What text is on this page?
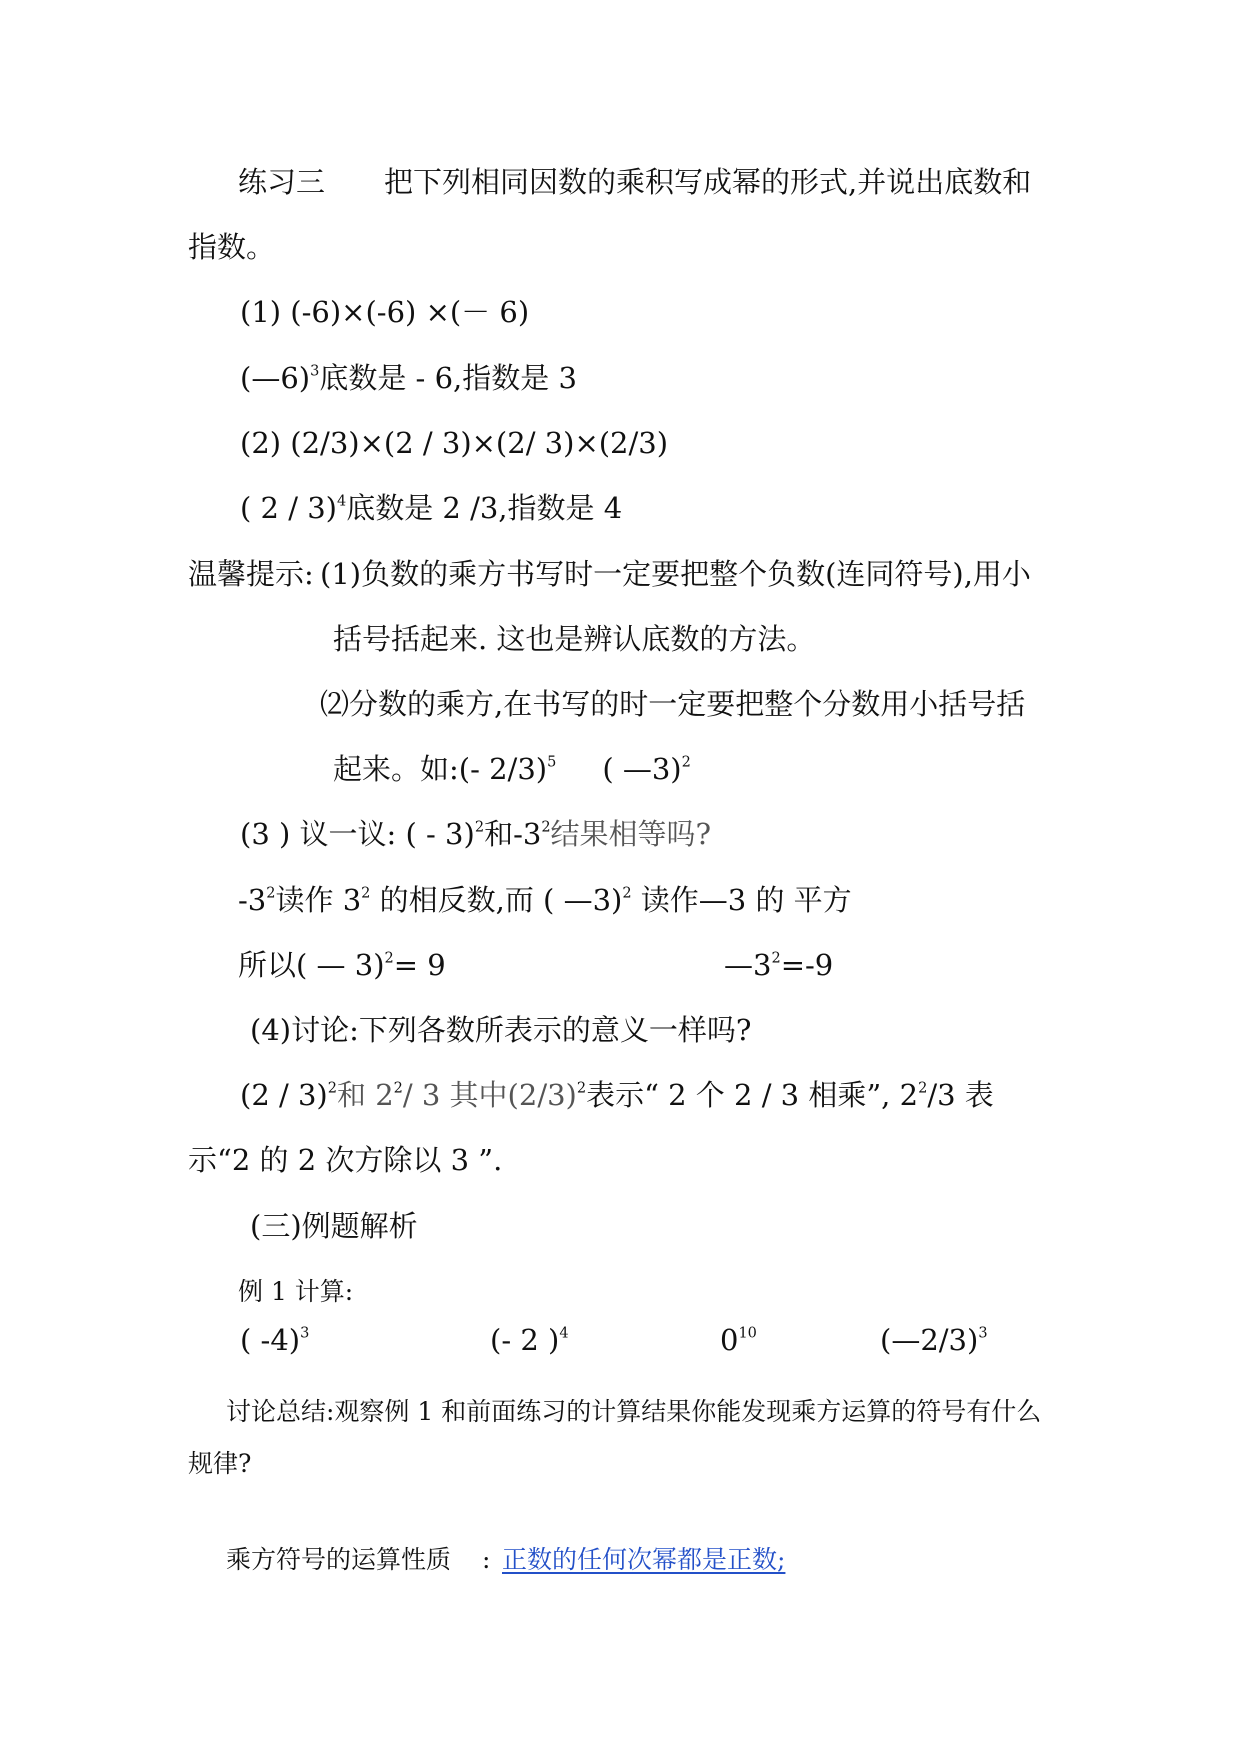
练习三 把下列相同因数的乘积写成幂的形式,并说出底数和
指数。
(1) (-6)×(-6) ×(－ 6)
(—6)$^3$底数是 - 6,指数是 3
(2) (2/3)×(2 / 3)×(2/ 3)×(2/3)
( 2 / 3)$^4$底数是 2 /3,指数是 4
温馨提示: (1)负数的乘方书写时一定要把整个负数(连同符号),用小
括号括起来. 这也是辨认底数的方法。
⑵分数的乘方,在书写的时一定要把整个分数用小括号括
起来。如:(- 2/3)$^5$ ( —3)$^2$
(3 ) 议一议: ( - 3)$^2$和$-3^2$结果相等吗?
$-3^2$读作 $3^2$ 的相反数,而 ( —3)$^2$ 读作—3 的 平方
所以( — 3)$^2$= 9	$—3^2=-9$
(4)讨论:下列各数所表示的意义一样吗?
(2 / 3)$^2$和 $2^2/$ 3 其中$(2/3)^2$表示“ 2 个 2 / 3 相乘”, $2^2/3$ 表
示“2 的 2 次方除以 3 ”.
(三)例题解析
例 1 计算:
( -4)$^3$	(- 2 )$^4$	$0^{10}$	(—2/3)$^3$
讨论总结:观察例 1 和前面练习的计算结果你能发现乘方运算的符号有什么
规律?
乘方符号的运算性质 : 正数的任何次幂都是正数;
